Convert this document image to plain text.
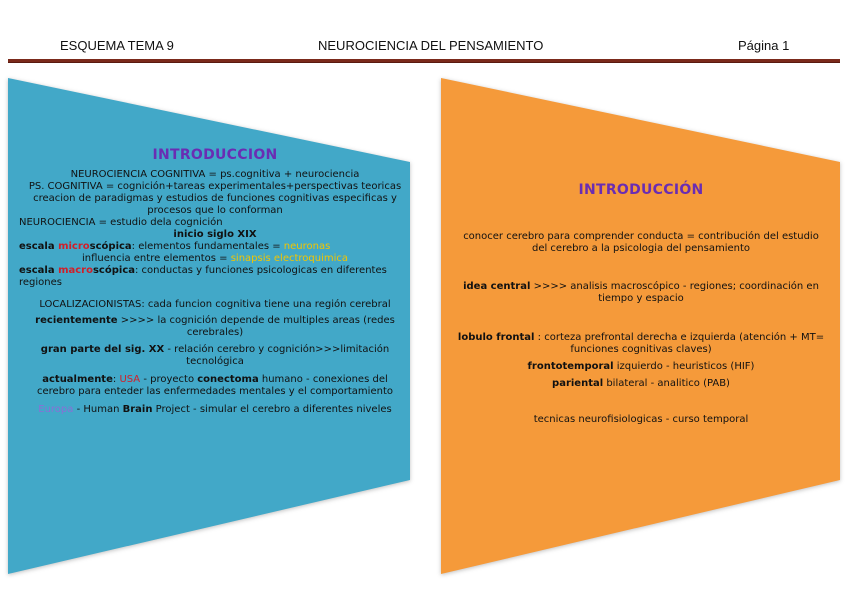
ESQUEMA TEMA 9	NEUROCIENCIA DEL PENSAMIENTO	Página 1
INTRODUCCION
NEUROCIENCIA COGNITIVA = ps.cognitiva + neurociencia
PS. COGNITIVA = cognición+tareas experimentales+perspectivas teoricas
creacion de paradigmas y estudios de funciones cognitivas especificas y
procesos que lo conforman
NEUROCIENCIA = estudio dela cognición
inicio siglo XIX
escala microscópica: elementos fundamentales = neuronas
influencia entre elementos = sinapsis electroquimica
escala macroscópica: conductas y funciones psicologicas en diferentes
regiones
LOCALIZACIONISTAS: cada funcion cognitiva tiene una región cerebral
recientemente >>>> la cognición depende de multiples areas (redes
cerebrales)
gran parte del sig. XX - relación cerebro y cognición>>>limitación
tecnológica
actualmente: USA - proyecto conectoma humano - conexiones del
cerebro para enteder las enfermedades mentales y el comportamiento
Europa - Human Brain Project - simular el cerebro a diferentes niveles
INTRODUCCIÓN
conocer cerebro para comprender conducta = contribución del estudio
del cerebro a la psicologia del pensamiento
idea central >>>> analisis macroscópico - regiones; coordinación en
tiempo y espacio
lobulo frontal : corteza prefrontal derecha e izquierda (atención + MT=
funciones cognitivas claves)
frontotemporal izquierdo - heuristicos (HIF)
pariental bilateral - analitico (PAB)
tecnicas neurofisiologicas - curso temporal
